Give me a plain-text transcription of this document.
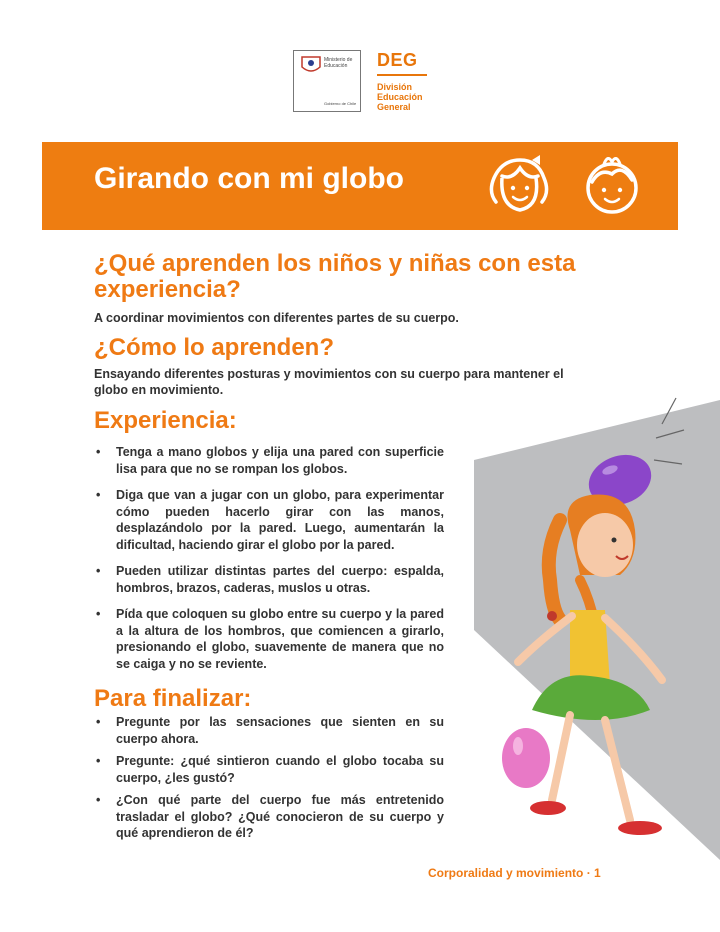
Ministerio de Educación
Gobierno de Chile
DEG
División
Educación
General
Girando con mi globo
¿Qué aprenden los niños y niñas con esta experiencia?
A coordinar movimientos con diferentes partes de su cuerpo.
¿Cómo lo aprenden?
Ensayando diferentes posturas y movimientos con su cuerpo para mantener el globo en movimiento.
Experiencia:
• Tenga a mano globos y elija una pared con superficie lisa para que no se rompan los globos.
• Diga que van a jugar con un globo, para experimentar cómo pueden hacerlo girar con las manos, desplazándolo por la pared. Luego, aumentarán la dificultad, haciendo girar el globo por la pared.
• Pueden utilizar distintas partes del cuerpo: espalda, hombros, brazos, caderas, muslos u otras.
• Pída que coloquen su globo entre su cuerpo y la pared a la altura de los hombros, que comiencen a girarlo, presionando el globo, suavemente de manera que no se caiga y no se reviente.
Para finalizar:
• Pregunte por las sensaciones que sienten en su cuerpo ahora.
• Pregunte: ¿qué sintieron cuando el globo tocaba su cuerpo, ¿les gustó?
• ¿Con qué parte del cuerpo fue más entretenido trasladar el globo? ¿Qué conocieron de su cuerpo y qué aprendieron de él?
Corporalidad y movimiento · 1
